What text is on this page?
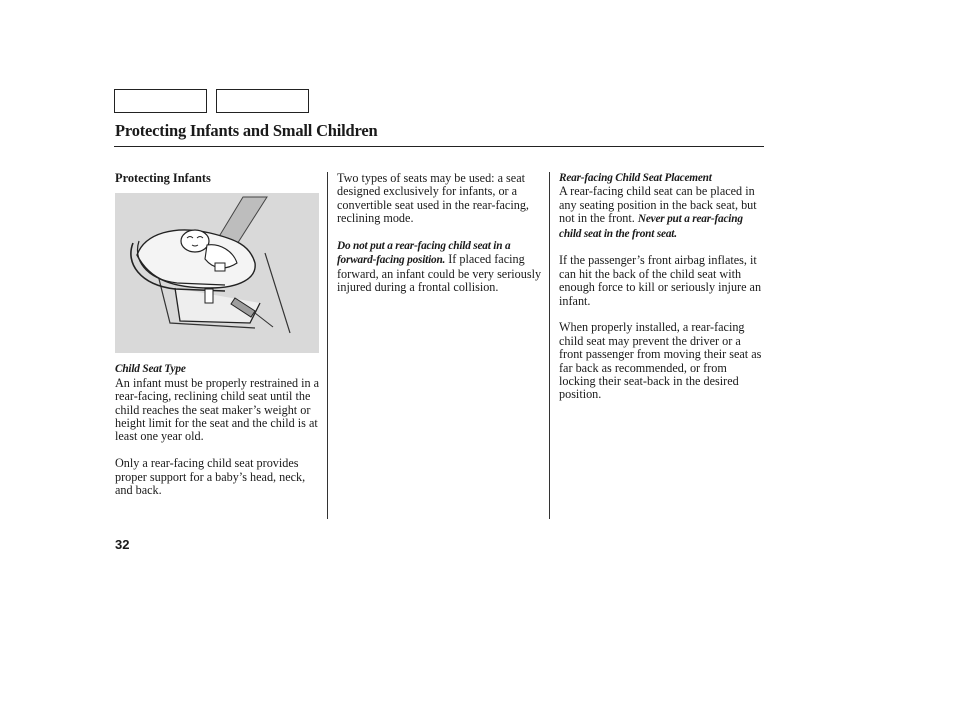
Protecting Infants and Small Children
Protecting Infants
Child Seat Type

An infant must be properly restrained in a rear-facing, reclining child seat until the child reaches the seat maker’s weight or height limit for the seat and the child is at least one year old.

Only a rear-facing child seat provides proper support for a baby’s head, neck, and back.

Two types of seats may be used: a seat designed exclusively for infants, or a convertible seat used in the rear-facing, reclining mode.

Do not put a rear-facing child seat in a forward-facing position. If placed facing forward, an infant could be very seriously injured during a frontal collision.

Rear-facing Child Seat Placement

A rear-facing child seat can be placed in any seating position in the back seat, but not in the front. Never put a rear-facing child seat in the front seat.

If the passenger’s front airbag inflates, it can hit the back of the child seat with enough force to kill or seriously injure an infant.

When properly installed, a rear-facing child seat may prevent the driver or a front passenger from moving their seat as far back as recommended, or from locking their seat-back in the desired position.

32
